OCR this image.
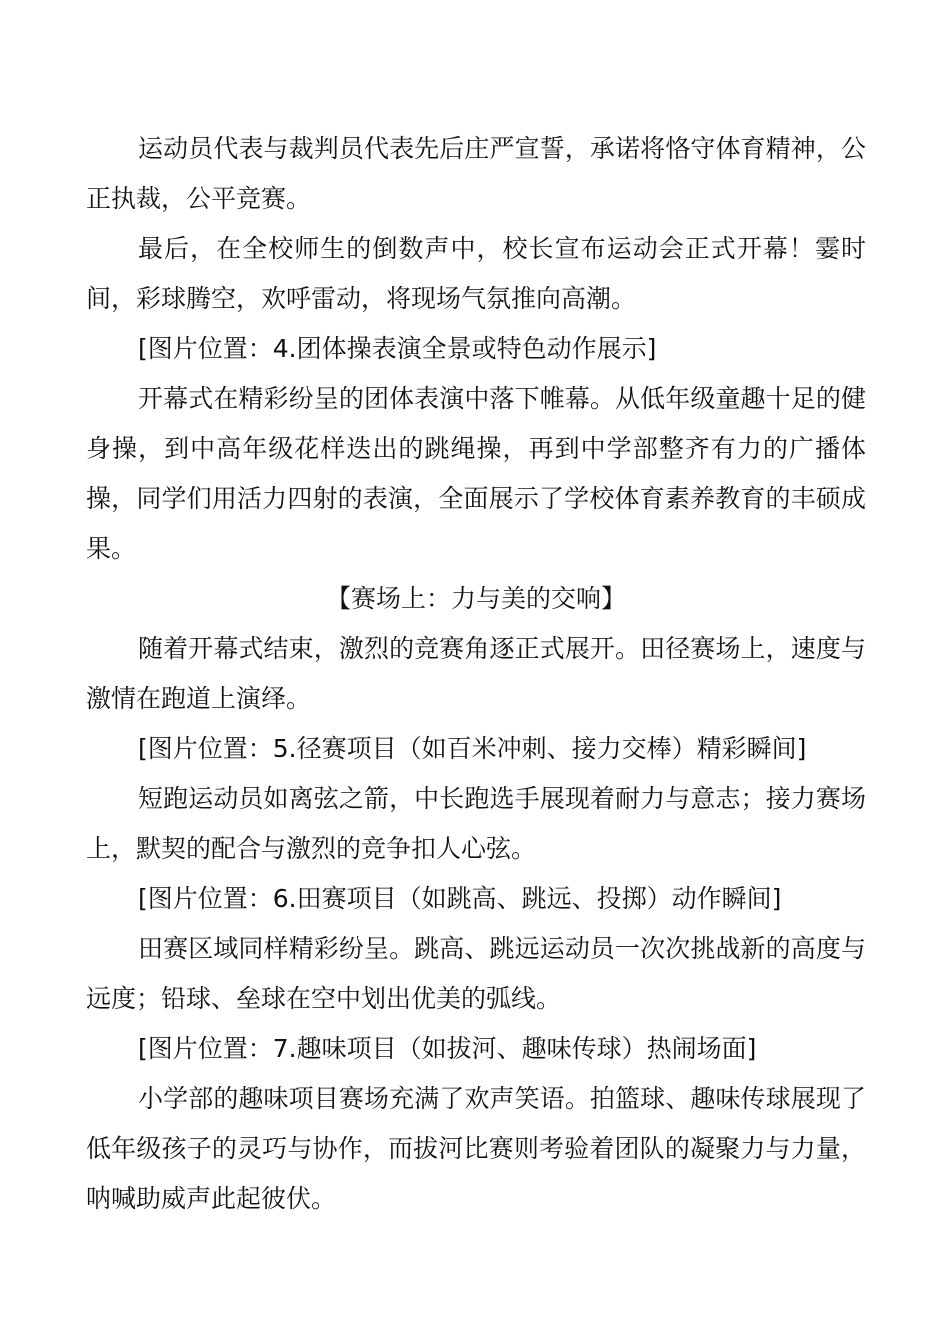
运动员代表与裁判员代表先后庄严宣誓，承诺将恪守体育精神，公正执裁，公平竞赛。

最后，在全校师生的倒数声中，校长宣布运动会正式开幕！霎时间，彩球腾空，欢呼雷动，将现场气氛推向高潮。

[图片位置：4.团体操表演全景或特色动作展示]

开幕式在精彩纷呈的团体表演中落下帷幕。从低年级童趣十足的健身操，到中高年级花样迭出的跳绳操，再到中学部整齐有力的广播体操，同学们用活力四射的表演，全面展示了学校体育素养教育的丰硕成果。

【赛场上：力与美的交响】

随着开幕式结束，激烈的竞赛角逐正式展开。田径赛场上，速度与激情在跑道上演绎。

[图片位置：5.径赛项目（如百米冲刺、接力交棒）精彩瞬间]

短跑运动员如离弦之箭，中长跑选手展现着耐力与意志；接力赛场上，默契的配合与激烈的竞争扣人心弦。

[图片位置：6.田赛项目（如跳高、跳远、投掷）动作瞬间]

田赛区域同样精彩纷呈。跳高、跳远运动员一次次挑战新的高度与远度；铅球、垒球在空中划出优美的弧线。

[图片位置：7.趣味项目（如拔河、趣味传球）热闹场面]

小学部的趣味项目赛场充满了欢声笑语。拍篮球、趣味传球展现了低年级孩子的灵巧与协作，而拔河比赛则考验着团队的凝聚力与力量，呐喊助威声此起彼伏。
